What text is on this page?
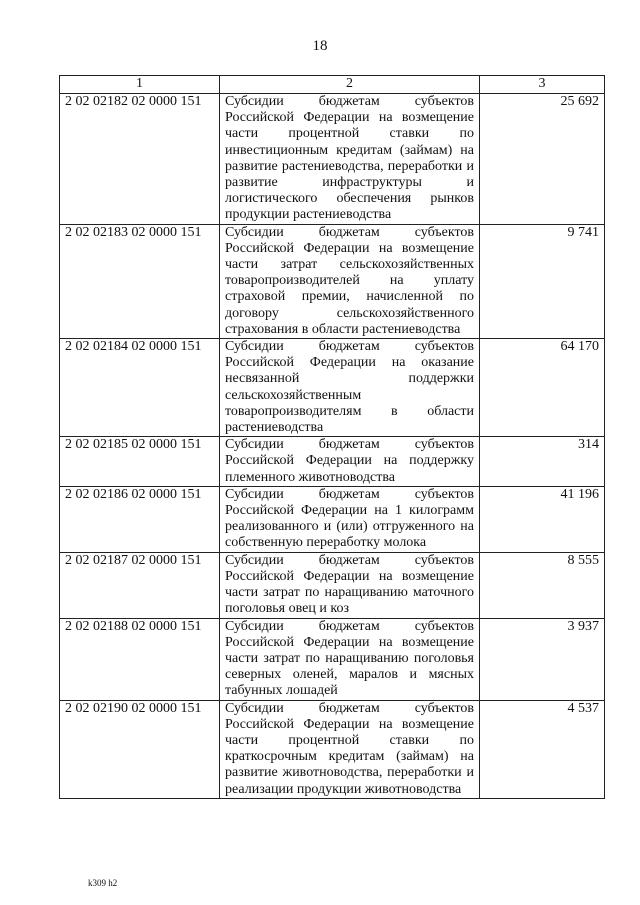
18
1	2	3
2 02 02182 02 0000 151	Субсидии бюджетам субъектов Российской Федерации на возмещение части процентной ставки по инвестиционным кредитам (займам) на развитие растениеводства, переработки и развитие инфраструктуры и логистического обеспечения рынков продукции растениеводства	25 692
2 02 02183 02 0000 151	Субсидии бюджетам субъектов Российской Федерации на возмещение части затрат сельскохозяйственных товаропроизводителей на уплату страховой премии, начисленной по договору сельскохозяйственного страхования в области растениеводства	9 741
2 02 02184 02 0000 151	Субсидии бюджетам субъектов Российской Федерации на оказание несвязанной поддержки сельскохозяйственным товаропроизводителям в области растениеводства	64 170
2 02 02185 02 0000 151	Субсидии бюджетам субъектов Российской Федерации на поддержку племенного животноводства	314
2 02 02186 02 0000 151	Субсидии бюджетам субъектов Российской Федерации на 1 килограмм реализованного и (или) отгруженного на собственную переработку молока	41 196
2 02 02187 02 0000 151	Субсидии бюджетам субъектов Российской Федерации на возмещение части затрат по наращиванию маточного поголовья овец и коз	8 555
2 02 02188 02 0000 151	Субсидии бюджетам субъектов Российской Федерации на возмещение части затрат по наращиванию поголовья северных оленей, маралов и мясных табунных лошадей	3 937
2 02 02190 02 0000 151	Субсидии бюджетам субъектов Российской Федерации на возмещение части процентной ставки по краткосрочным кредитам (займам) на развитие животноводства, переработки и реализации продукции животноводства	4 537
k309 h2
